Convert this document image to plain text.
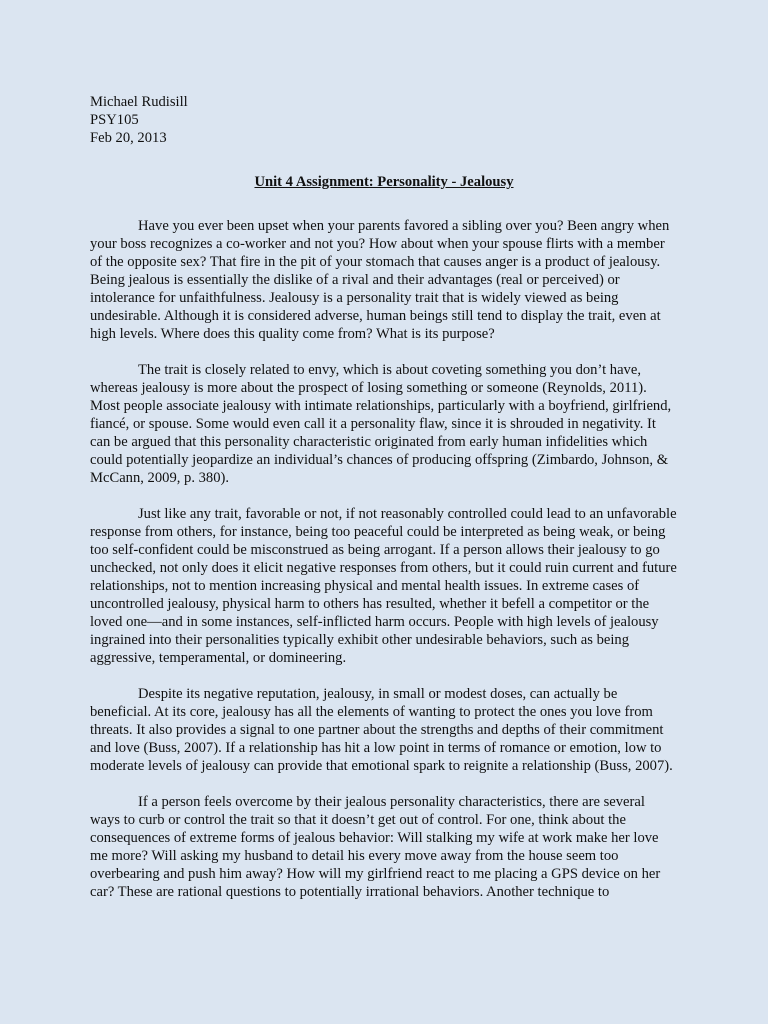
Michael Rudisill

PSY105

Feb 20, 2013

Unit 4 Assignment: Personality - Jealousy

Have you ever been upset when your parents favored a sibling over you? Been angry when your boss recognizes a co-worker and not you? How about when your spouse flirts with a member of the opposite sex? That fire in the pit of your stomach that causes anger is a product of jealousy. Being jealous is essentially the dislike of a rival and their advantages (real or perceived) or intolerance for unfaithfulness. Jealousy is a personality trait that is widely viewed as being undesirable. Although it is considered adverse, human beings still tend to display the trait, even at high levels. Where does this quality come from? What is its purpose?

The trait is closely related to envy, which is about coveting something you don’t have, whereas jealousy is more about the prospect of losing something or someone (Reynolds, 2011). Most people associate jealousy with intimate relationships, particularly with a boyfriend, girlfriend, fiancé, or spouse. Some would even call it a personality flaw, since it is shrouded in negativity. It can be argued that this personality characteristic originated from early human infidelities which could potentially jeopardize an individual’s chances of producing offspring (Zimbardo, Johnson, & McCann, 2009, p. 380).

Just like any trait, favorable or not, if not reasonably controlled could lead to an unfavorable response from others, for instance, being too peaceful could be interpreted as being weak, or being too self-confident could be misconstrued as being arrogant. If a person allows their jealousy to go unchecked, not only does it elicit negative responses from others, but it could ruin current and future relationships, not to mention increasing physical and mental health issues. In extreme cases of uncontrolled jealousy, physical harm to others has resulted, whether it befell a competitor or the loved one—and in some instances, self-inflicted harm occurs. People with high levels of jealousy ingrained into their personalities typically exhibit other undesirable behaviors, such as being aggressive, temperamental, or domineering.

Despite its negative reputation, jealousy, in small or modest doses, can actually be beneficial. At its core, jealousy has all the elements of wanting to protect the ones you love from threats. It also provides a signal to one partner about the strengths and depths of their commitment and love (Buss, 2007). If a relationship has hit a low point in terms of romance or emotion, low to moderate levels of jealousy can provide that emotional spark to reignite a relationship (Buss, 2007).

If a person feels overcome by their jealous personality characteristics, there are several ways to curb or control the trait so that it doesn’t get out of control. For one, think about the consequences of extreme forms of jealous behavior: Will stalking my wife at work make her love me more? Will asking my husband to detail his every move away from the house seem too overbearing and push him away? How will my girlfriend react to me placing a GPS device on her car? These are rational questions to potentially irrational behaviors. Another technique to
